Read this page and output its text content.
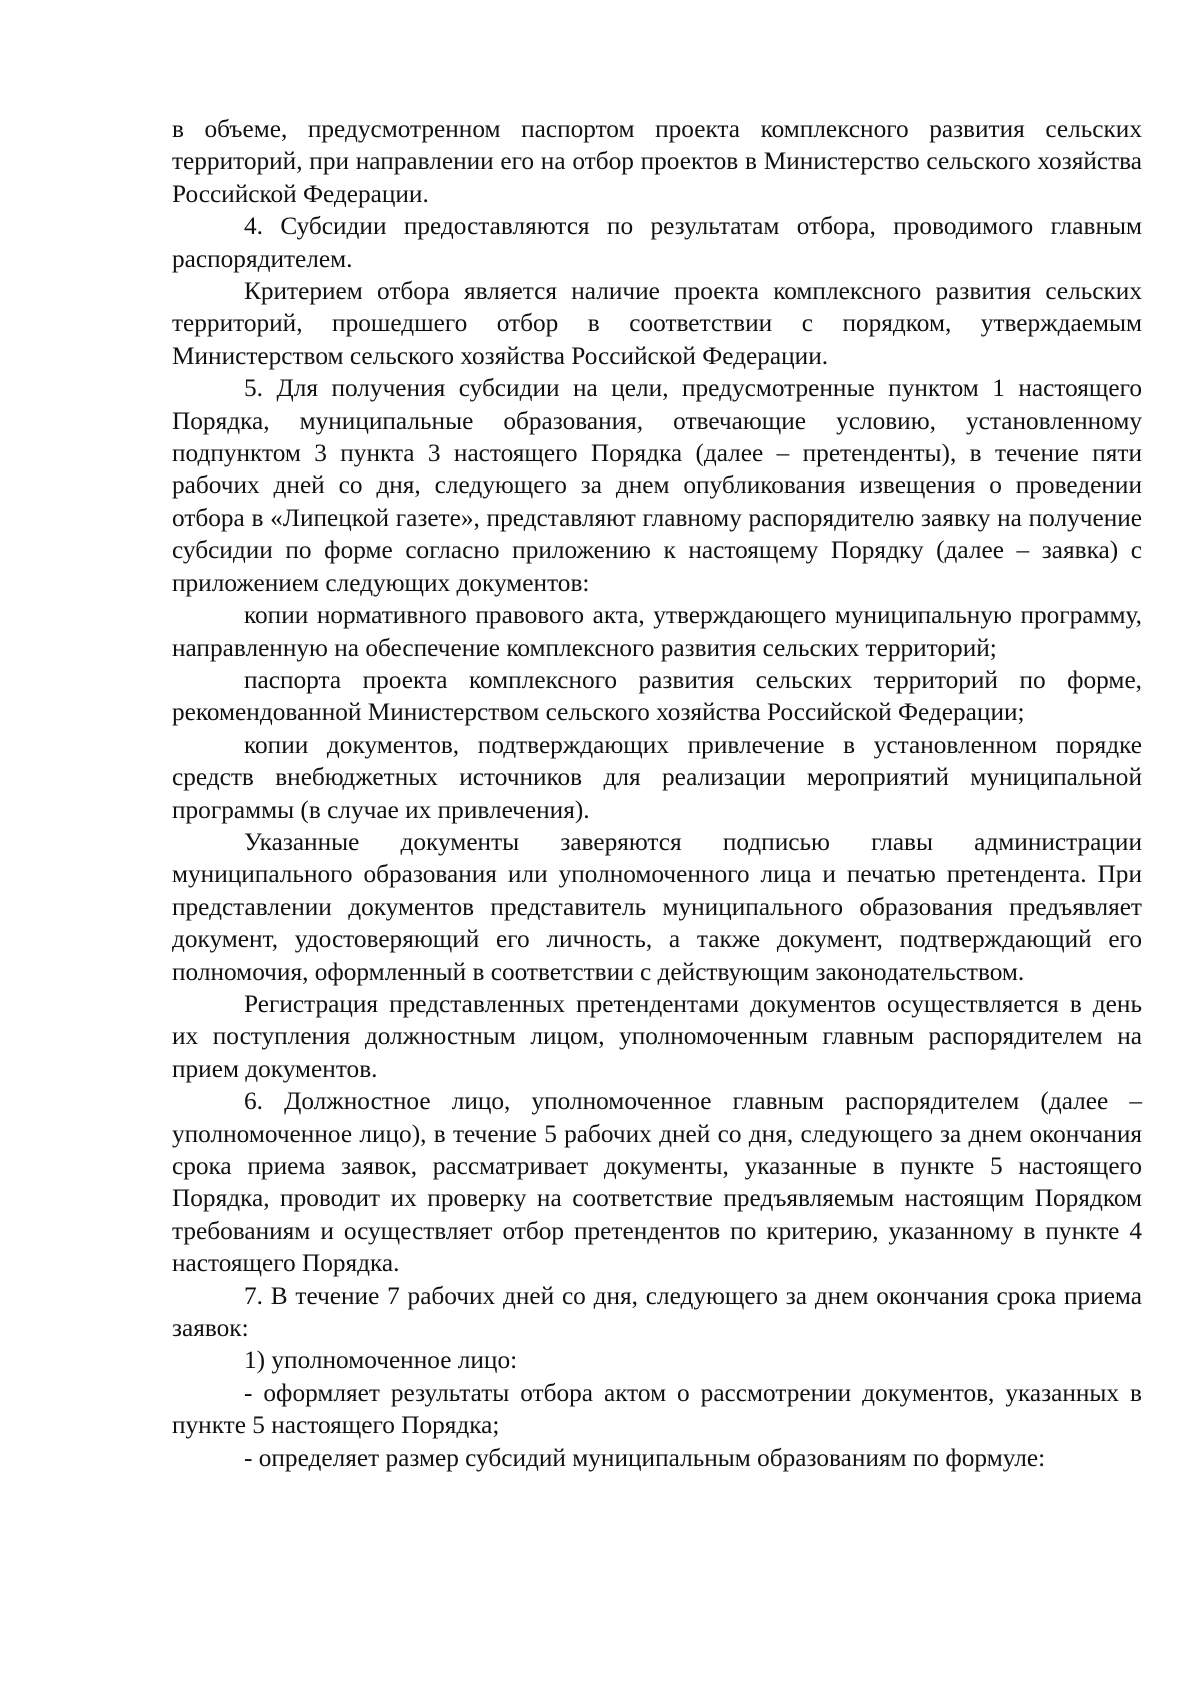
в объеме, предусмотренном паспортом проекта комплексного развития сельских территорий, при направлении его на отбор проектов в Министерство сельского хозяйства Российской Федерации.

4. Субсидии предоставляются по результатам отбора, проводимого главным распорядителем.

Критерием отбора является наличие проекта комплексного развития сельских территорий, прошедшего отбор в соответствии с порядком, утверждаемым Министерством сельского хозяйства Российской Федерации.

5. Для получения субсидии на цели, предусмотренные пунктом 1 настоящего Порядка, муниципальные образования, отвечающие условию, установленному подпунктом 3 пункта 3 настоящего Порядка (далее – претенденты), в течение пяти рабочих дней со дня, следующего за днем опубликования извещения о проведении отбора в «Липецкой газете», представляют главному распорядителю заявку на получение субсидии по форме согласно приложению к настоящему Порядку (далее – заявка) с приложением следующих документов:

копии нормативного правового акта, утверждающего муниципальную программу, направленную на обеспечение комплексного развития сельских территорий;

паспорта проекта комплексного развития сельских территорий по форме, рекомендованной Министерством сельского хозяйства Российской Федерации;

копии документов, подтверждающих привлечение в установленном порядке средств внебюджетных источников для реализации мероприятий муниципальной программы (в случае их привлечения).

Указанные документы заверяются подписью главы администрации муниципального образования или уполномоченного лица и печатью претендента. При представлении документов представитель муниципального образования предъявляет документ, удостоверяющий его личность, а также документ, подтверждающий его полномочия, оформленный в соответствии с действующим законодательством.

Регистрация представленных претендентами документов осуществляется в день их поступления должностным лицом, уполномоченным главным распорядителем на прием документов.

6. Должностное лицо, уполномоченное главным распорядителем (далее – уполномоченное лицо), в течение 5 рабочих дней со дня, следующего за днем окончания срока приема заявок, рассматривает документы, указанные в пункте 5 настоящего Порядка, проводит их проверку на соответствие предъявляемым настоящим Порядком требованиям и осуществляет отбор претендентов по критерию, указанному в пункте 4 настоящего Порядка.

7. В течение 7 рабочих дней со дня, следующего за днем окончания срока приема заявок:

1) уполномоченное лицо:

- оформляет результаты отбора актом о рассмотрении документов, указанных в пункте 5 настоящего Порядка;

- определяет размер субсидий муниципальным образованиям по формуле:
